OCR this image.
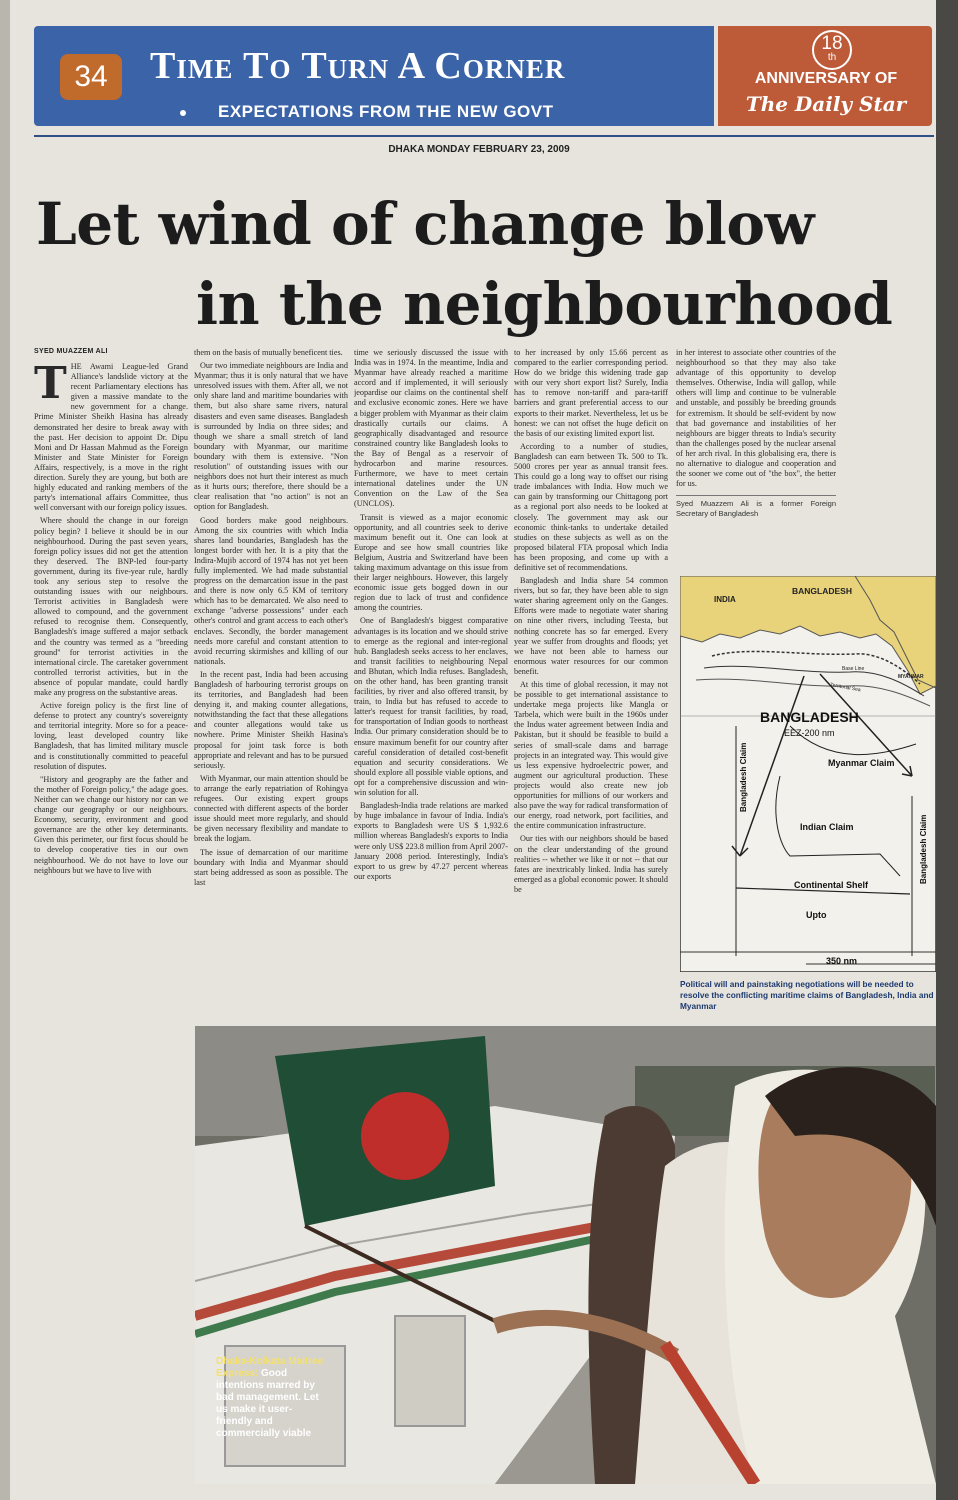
34	Time To Turn A Corner
EXPECTATIONS FROM THE NEW GOVT
18
th
ANNIVERSARY OF
The Daily Star
DHAKA MONDAY FEBRUARY 23, 2009
Let wind of change blow
in the neighbourhood
SYED MUAZZEM ALI

THE Awami League-led Grand Alliance's landslide victory at the recent Parliamentary elections has given a massive mandate to the new government for a change. Prime Minister Sheikh Hasina has already demonstrated her desire to break away with the past. Her decision to appoint Dr. Dipu Moni and Dr Hassan Mahmud as the Foreign Minister and State Minister for Foreign Affairs, respectively, is a move in the right direction. Surely they are young, but both are highly educated and ranking members of the party's international affairs Committee, thus well conversant with our foreign policy issues.

Where should the change in our foreign policy begin? I believe it should be in our neighbourhood. During the past seven years, foreign policy issues did not get the attention they deserved. The BNP-led four-party government, during its five-year rule, hardly took any serious step to resolve the outstanding issues with our neighbours. Terrorist activities in Bangladesh were allowed to compound, and the government refused to recognise them. Consequently, Bangladesh's image suffered a major setback and the country was termed as a "breeding ground" for terrorist activities in the international circle. The caretaker government controlled terrorist activities, but in the absence of popular mandate, could hardly make any progress on the substantive areas.

Active foreign policy is the first line of defense to protect any country's sovereignty and territorial integrity. More so for a peace-loving, least developed country like Bangladesh, that has limited military muscle and is constitutionally committed to peaceful resolution of disputes.

"History and geography are the father and the mother of Foreign policy," the adage goes. Neither can we change our history nor can we change our geography or our neighbours. Economy, security, environment and good governance are the other key determinants. Given this perimeter, our first focus should be to develop cooperative ties in our own neighbourhood. We do not have to love our neighbours but we have to live with

them on the basis of mutually beneficent ties.

Our two immediate neighbours are India and Myanmar; thus it is only natural that we have unresolved issues with them. After all, we not only share land and maritime boundaries with them, but also share same rivers, natural disasters and even same diseases. Bangladesh is surrounded by India on three sides; and though we share a small stretch of land boundary with Myanmar, our maritime boundary with them is extensive. "Non resolution" of outstanding issues with our neighbors does not hurt their interest as much as it hurts ours; therefore, there should be a clear realisation that "no action" is not an option for Bangladesh.

Good borders make good neighbours. Among the six countries with which India shares land boundaries, Bangladesh has the longest border with her. It is a pity that the Indira-Mujib accord of 1974 has not yet been fully implemented. We had made substantial progress on the demarcation issue in the past and there is now only 6.5 KM of territory which has to be demarcated. We also need to exchange "adverse possessions" under each other's control and grant access to each other's enclaves. Secondly, the border management needs more careful and constant attention to avoid recurring skirmishes and killing of our nationals.

In the recent past, India had been accusing Bangladesh of harbouring terrorist groups on its territories, and Bangladesh had been denying it, and making counter allegations, notwithstanding the fact that these allegations and counter allegations would take us nowhere. Prime Minister Sheikh Hasina's proposal for joint task force is both appropriate and relevant and has to be pursued seriously.

With Myanmar, our main attention should be to arrange the early repatriation of Rohingya refugees. Our existing expert groups connected with different aspects of the border issue should meet more regularly, and should be given necessary flexibility and mandate to break the logjam.

The issue of demarcation of our maritime boundary with India and Myanmar should start being addressed as soon as possible. The last

time we seriously discussed the issue with India was in 1974. In the meantime, India and Myanmar have already reached a maritime accord and if implemented, it will seriously jeopardise our claims on the continental shelf and exclusive economic zones. Here we have a bigger problem with Myanmar as their claim drastically curtails our claims. A geographically disadvantaged and resource constrained country like Bangladesh looks to the Bay of Bengal as a reservoir of hydrocarbon and marine resources. Furthermore, we have to meet certain international datelines under the UN Convention on the Law of the Sea (UNCLOS).

Transit is viewed as a major economic opportunity, and all countries seek to derive maximum benefit out it. One can look at Europe and see how small countries like Belgium, Austria and Switzerland have been taking maximum advantage on this issue from their larger neighbours. However, this largely economic issue gets bogged down in our region due to lack of trust and confidence among the countries.

One of Bangladesh's biggest comparative advantages is its location and we should strive to emerge as the regional and inter-regional hub. Bangladesh seeks access to her enclaves, and transit facilities to neighbouring Nepal and Bhutan, which India refuses. Bangladesh, on the other hand, has been granting transit facilities, by river and also offered transit, by train, to India but has refused to accede to latter's request for transit facilities, by road, for transportation of Indian goods to northeast India. Our primary consideration should be to ensure maximum benefit for our country after careful consideration of detailed cost-benefit equation and security considerations. We should explore all possible viable options, and opt for a comprehensive discussion and win-win solution for all.

Bangladesh-India trade relations are marked by huge imbalance in favour of India. India's exports to Bangladesh were US $ 1,932.6 million whereas Bangladesh's exports to India were only US$ 223.8 million from April 2007-January 2008 period. Interestingly, India's export to us grew by 47.27 percent whereas our exports

to her increased by only 15.66 percent as compared to the earlier corresponding period. How do we bridge this widening trade gap with our very short export list? Surely, India has to remove non-tariff and para-tariff barriers and grant preferential access to our exports to their market. Nevertheless, let us be honest: we can not offset the huge deficit on the basis of our existing limited export list.

According to a number of studies, Bangladesh can earn between Tk. 500 to Tk. 5000 crores per year as annual transit fees. This could go a long way to offset our rising trade imbalances with India. How much we can gain by transforming our Chittagong port as a regional port also needs to be looked at closely. The government may ask our economic think-tanks to undertake detailed studies on these subjects as well as on the proposed bilateral FTA proposal which India has been proposing, and come up with a definitive set of recommendations.

Bangladesh and India share 54 common rivers, but so far, they have been able to sign water sharing agreement only on the Ganges. Efforts were made to negotiate water sharing on nine other rivers, including Teesta, but nothing concrete has so far emerged. Every year we suffer from droughts and floods; yet we have not been able to harness our enormous water resources for our common benefit.

At this time of global recession, it may not be possible to get international assistance to undertake mega projects like Mangla or Tarbela, which were built in the 1960s under the Indus water agreement between India and Pakistan, but it should be feasible to build a series of small-scale dams and barrage projects in an integrated way. This would give us less expensive hydroelectric power, and augment our agricultural production. These projects would also create new job opportunities for millions of our workers and also pave the way for radical transformation of our energy, road network, port facilities, and the entire communication infrastructure.

Our ties with our neighbors should be based on the clear understanding of the ground realities -- whether we like it or not -- that our fates are inextricably linked. India has surely emerged as a global economic power. It should be

in her interest to associate other countries of the neighbourhood so that they may also take advantage of this opportunity to develop themselves. Otherwise, India will gallop, while others will limp and continue to be vulnerable and unstable, and possibly be breeding grounds for extremism. It should be self-evident by now that bad governance and instabilities of her neighbours are bigger threats to India's security than the challenges posed by the nuclear arsenal of her arch rival. In this globalising era, there is no alternative to dialogue and cooperation and the sooner we come out of "the box", the better for us.

Syed Muazzem Ali is a former Foreign Secretary of Bangladesh
INDIA
BANGLADESH
MYANMAR
Base Line
Territorial Sea
BANGLADESH
EEZ-200 nm
Myanmar Claim
Bangladesh Claim
Indian Claim	Bangladesh Claim
Continental Shelf
Upto
350 nm
Political will and painstaking negotiations will be needed to resolve the conflicting maritime claims of Bangladesh, India and Myanmar
Dhaka-Kolkata Maitree Express: Good intentions marred by bad management. Let us make it user-friendly and commercially viable
